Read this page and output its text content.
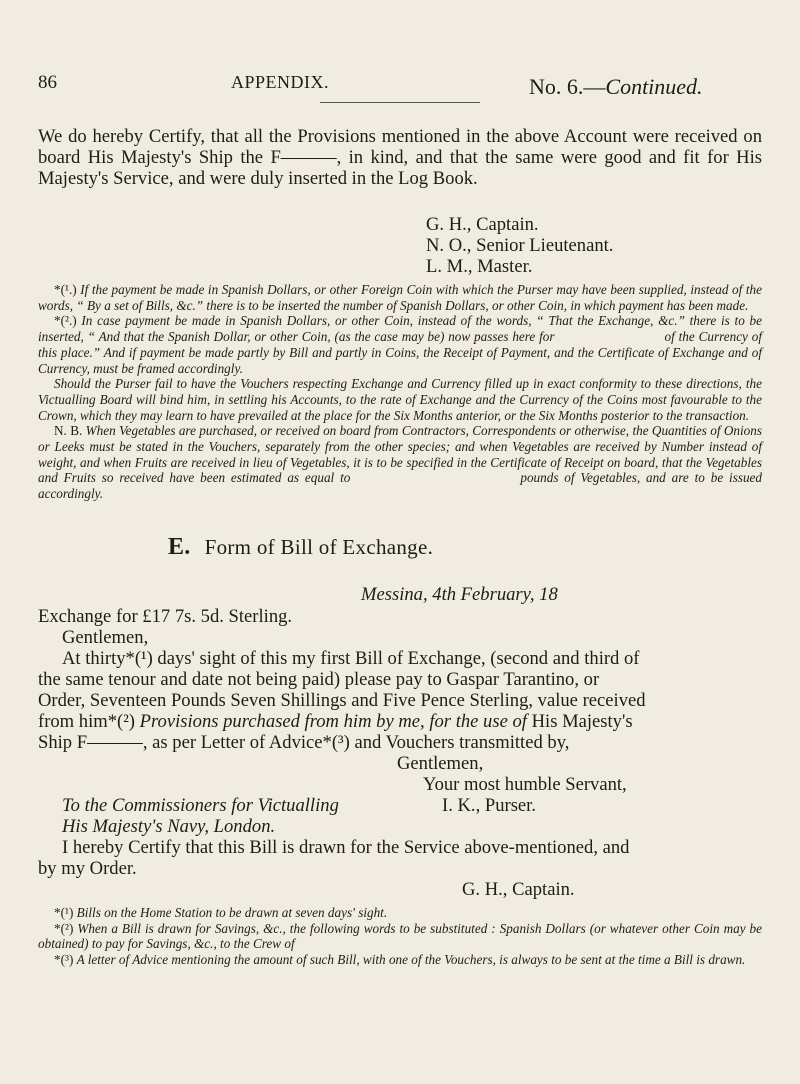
86	APPENDIX.	No. 6.—Continued.

We do hereby Certify, that all the Provisions mentioned in the above Account were received on board His Majesty's Ship the F———, in kind, and that the same were good and fit for His Majesty's Service, and were duly inserted in the Log Book.

G. H., Captain.
N. O., Senior Lieutenant.
L. M., Master.

*(¹.) If the payment be made in Spanish Dollars, or other Foreign Coin with which the Purser may have been supplied, instead of the words, “ By a set of Bills, &c.” there is to be inserted the number of Spanish Dollars, or other Coin, in which payment has been made.

*(².) In case payment be made in Spanish Dollars, or other Coin, instead of the words, “ That the Exchange, &c.” there is to be inserted, “ And that the Spanish Dollar, or other Coin, (as the case may be) now passes here for	of the Currency of this place.” And if payment be made partly by Bill and partly in Coins, the Receipt of Payment, and the Certificate of Exchange and of Currency, must be framed accordingly.

Should the Purser fail to have the Vouchers respecting Exchange and Currency filled up in exact conformity to these directions, the Victualling Board will bind him, in settling his Accounts, to the rate of Exchange and the Currency of the Coins most favourable to the Crown, which they may learn to have prevailed at the place for the Six Months anterior, or the Six Months posterior to the transaction.

N. B. When Vegetables are purchased, or received on board from Contractors, Correspondents or otherwise, the Quantities of Onions or Leeks must be stated in the Vouchers, separately from the other species; and when Vegetables are received by Number instead of weight, and when Fruits are received in lieu of Vegetables, it is to be specified in the Certificate of Receipt on board, that the Vegetables and Fruits so received have been estimated as equal to	pounds of Vegetables, and are to be issued accordingly.

E. Form of Bill of Exchange.
Messina, 4th February, 18
Exchange for £17 7s. 5d. Sterling.
Gentlemen,
At thirty*(¹) days' sight of this my first Bill of Exchange, (second and third of
the same tenour and date not being paid) please pay to Gaspar Tarantino, or
Order, Seventeen Pounds Seven Shillings and Five Pence Sterling, value received
from him*(²) Provisions purchased from him by me, for the use of His Majesty's
Ship F———, as per Letter of Advice*(³) and Vouchers transmitted by,
Gentlemen,
Your most humble Servant,
To the Commissioners for Victualling	I. K., Purser.
His Majesty's Navy, London.
I hereby Certify that this Bill is drawn for the Service above-mentioned, and
by my Order.
G. H., Captain.

*(¹) Bills on the Home Station to be drawn at seven days' sight.

*(²) When a Bill is drawn for Savings, &c., the following words to be substituted : Spanish Dollars (or whatever other Coin may be obtained) to pay for Savings, &c., to the Crew of

*(³) A letter of Advice mentioning the amount of such Bill, with one of the Vouchers, is always to be sent at the time a Bill is drawn.
